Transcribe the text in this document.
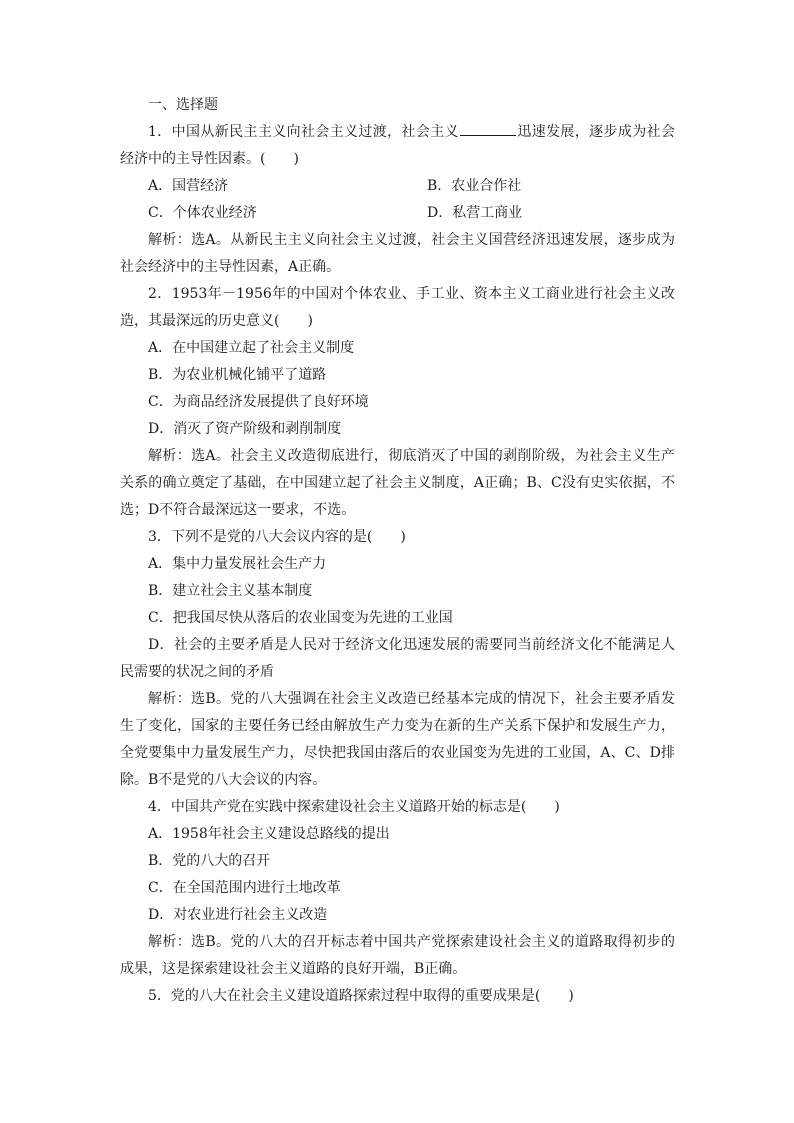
一、选择题
1．中国从新民主主义向社会主义过渡，社会主义	迅速发展，逐步成为社会经济中的主导性因素。(　　)
A．国营经济	B．农业合作社
C．个体农业经济	D．私营工商业
解析：选A。从新民主主义向社会主义过渡，社会主义国营经济迅速发展，逐步成为社会经济中的主导性因素，A正确。
2．1953年－1956年的中国对个体农业、手工业、资本主义工商业进行社会主义改造，其最深远的历史意义(　　)
A．在中国建立起了社会主义制度
B．为农业机械化铺平了道路
C．为商品经济发展提供了良好环境
D．消灭了资产阶级和剥削制度
解析：选A。社会主义改造彻底进行，彻底消灭了中国的剥削阶级，为社会主义生产关系的确立奠定了基础，在中国建立起了社会主义制度，A正确；B、C没有史实依据，不选；D不符合最深远这一要求，不选。
3．下列不是党的八大会议内容的是(　　)
A．集中力量发展社会生产力
B．建立社会主义基本制度
C．把我国尽快从落后的农业国变为先进的工业国
D．社会的主要矛盾是人民对于经济文化迅速发展的需要同当前经济文化不能满足人民需要的状况之间的矛盾
解析：选B。党的八大强调在社会主义改造已经基本完成的情况下，社会主要矛盾发生了变化，国家的主要任务已经由解放生产力变为在新的生产关系下保护和发展生产力，全党要集中力量发展生产力，尽快把我国由落后的农业国变为先进的工业国，A、C、D排除。B不是党的八大会议的内容。
4．中国共产党在实践中探索建设社会主义道路开始的标志是(　　)
A．1958年社会主义建设总路线的提出
B．党的八大的召开
C．在全国范围内进行土地改革
D．对农业进行社会主义改造
解析：选B。党的八大的召开标志着中国共产党探索建设社会主义的道路取得初步的成果，这是探索建设社会主义道路的良好开端，B正确。
5．党的八大在社会主义建设道路探索过程中取得的重要成果是(　　)
